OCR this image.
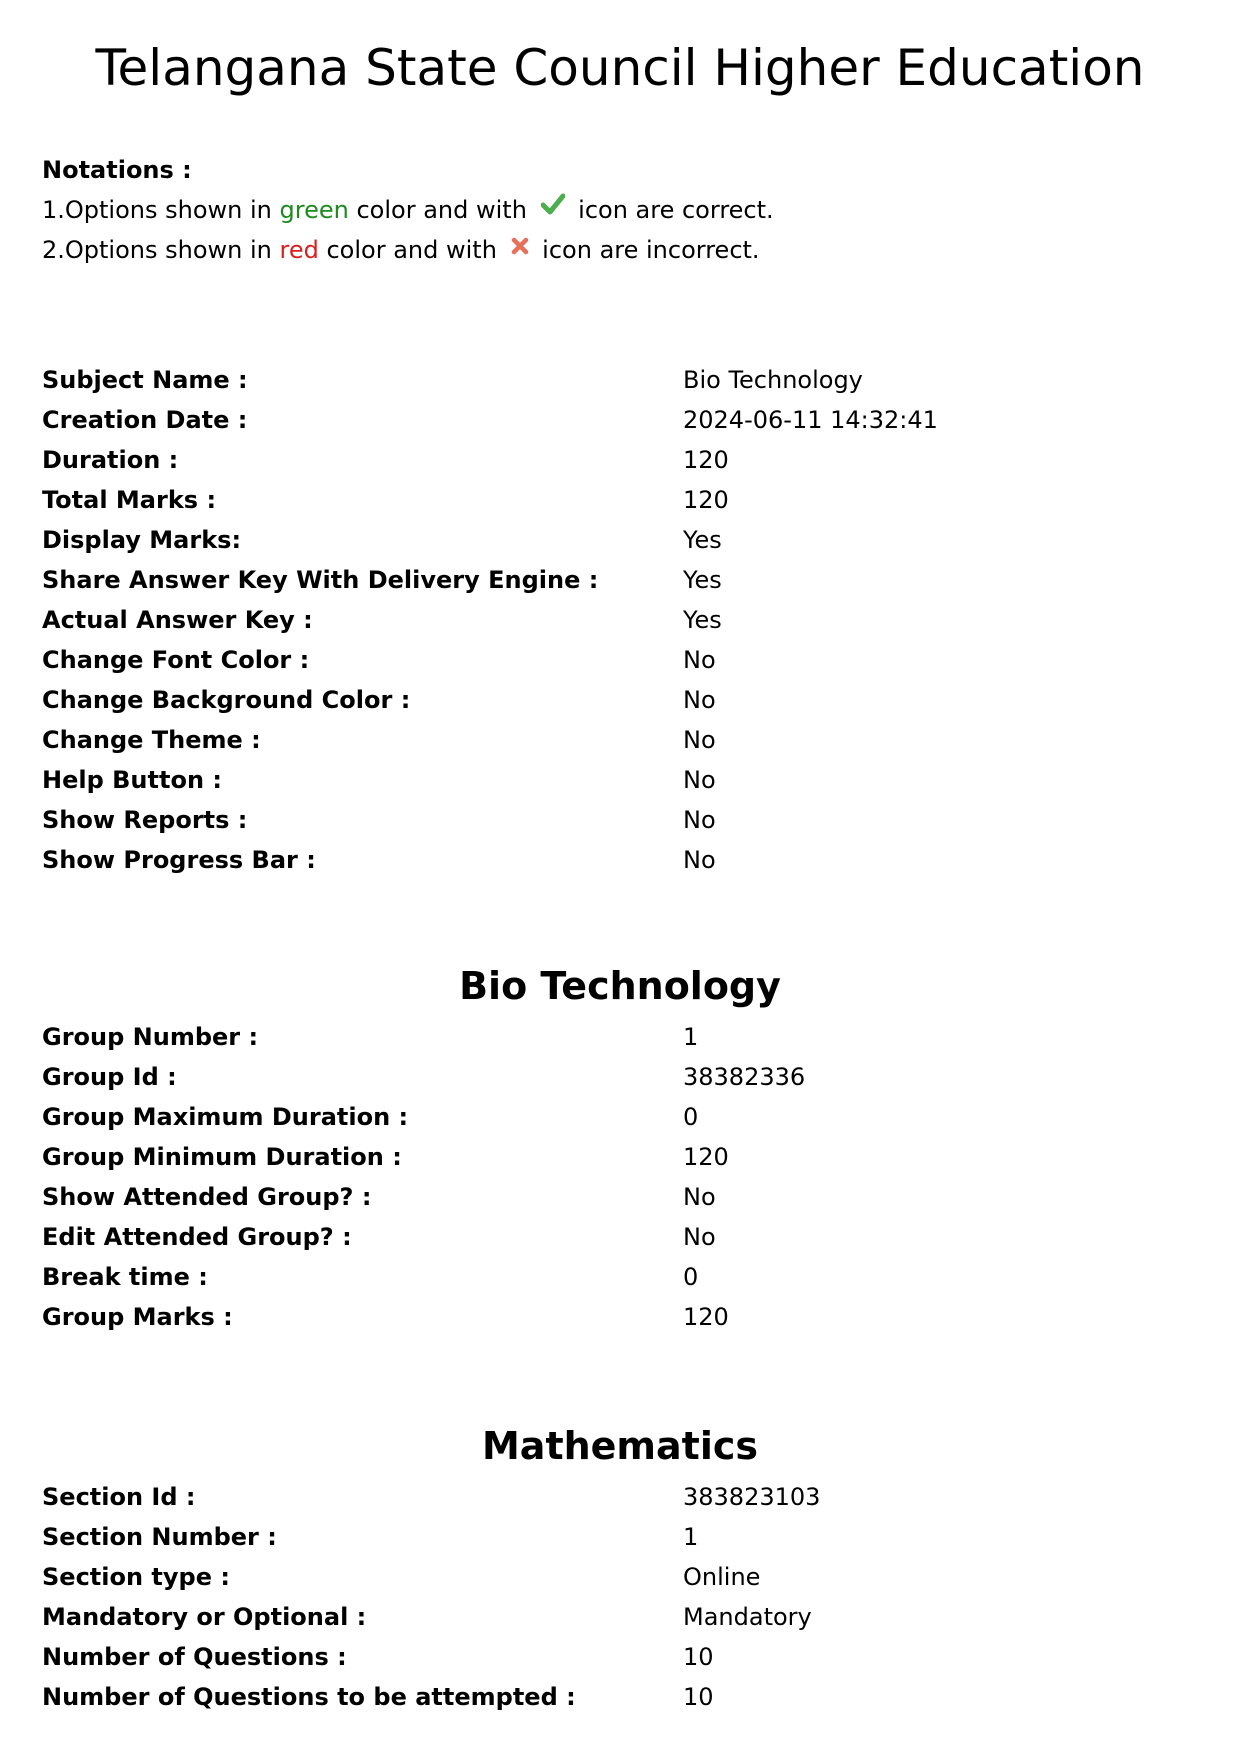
Telangana State Council Higher Education
Notations :
1.Options shown in green color and with  icon are correct.
2.Options shown in red color and with  icon are incorrect.
Subject Name :	Bio Technology
Creation Date :	2024-06-11 14:32:41
Duration :	120
Total Marks :	120
Display Marks:	Yes
Share Answer Key With Delivery Engine :	Yes
Actual Answer Key :	Yes
Change Font Color :	No
Change Background Color :	No
Change Theme :	No
Help Button :	No
Show Reports :	No
Show Progress Bar :	No
Bio Technology
Group Number :	1
Group Id :	38382336
Group Maximum Duration :	0
Group Minimum Duration :	120
Show Attended Group? :	No
Edit Attended Group? :	No
Break time :	0
Group Marks :	120
Mathematics
Section Id :	383823103
Section Number :	1
Section type :	Online
Mandatory or Optional :	Mandatory
Number of Questions :	10
Number of Questions to be attempted :	10
